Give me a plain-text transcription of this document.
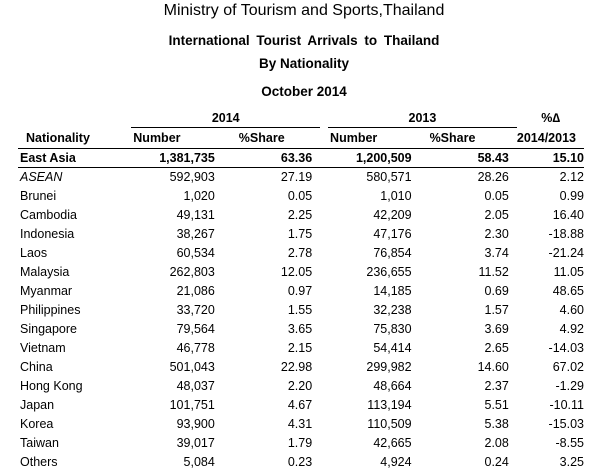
Ministry of Tourism and Sports,Thailand
International Tourist Arrivals to Thailand
By Nationality
October 2014
		2014			2013		%∆
Nationality		Number	%Share		Number	%Share	2014/2013
East Asia		1,381,735	63.36		1,200,509	58.43	15.10
ASEAN		592,903	27.19		580,571	28.26	2.12
Brunei		1,020	0.05		1,010	0.05	0.99
Cambodia		49,131	2.25		42,209	2.05	16.40
Indonesia		38,267	1.75		47,176	2.30	-18.88
Laos		60,534	2.78		76,854	3.74	-21.24
Malaysia		262,803	12.05		236,655	11.52	11.05
Myanmar		21,086	0.97		14,185	0.69	48.65
Philippines		33,720	1.55		32,238	1.57	4.60
Singapore		79,564	3.65		75,830	3.69	4.92
Vietnam		46,778	2.15		54,414	2.65	-14.03
China		501,043	22.98		299,982	14.60	67.02
Hong Kong		48,037	2.20		48,664	2.37	-1.29
Japan		101,751	4.67		113,194	5.51	-10.11
Korea		93,900	4.31		110,509	5.38	-15.03
Taiwan		39,017	1.79		42,665	2.08	-8.55
Others		5,084	0.23		4,924	0.24	3.25
